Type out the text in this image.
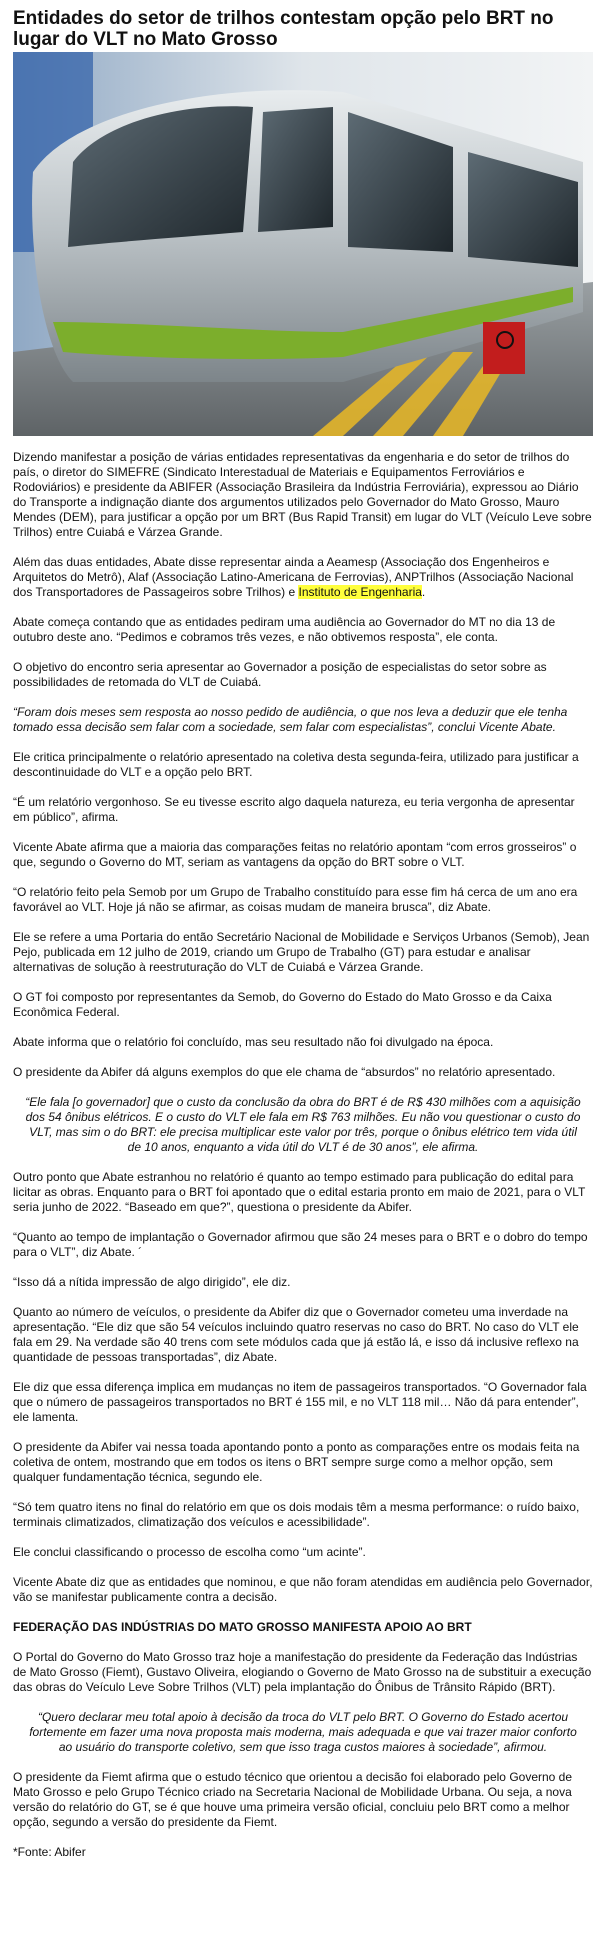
Entidades do setor de trilhos contestam opção pelo BRT no lugar do VLT no Mato Grosso

Dizendo manifestar a posição de várias entidades representativas da engenharia e do setor de trilhos do país, o diretor do SIMEFRE (Sindicato Interestadual de Materiais e Equipamentos Ferroviários e Rodoviários) e presidente da ABIFER (Associação Brasileira da Indústria Ferroviária), expressou ao Diário do Transporte a indignação diante dos argumentos utilizados pelo Governador do Mato Grosso, Mauro Mendes (DEM), para justificar a opção por um BRT (Bus Rapid Transit) em lugar do VLT (Veículo Leve sobre Trilhos) entre Cuiabá e Várzea Grande.

Além das duas entidades, Abate disse representar ainda a Aeamesp (Associação dos Engenheiros e Arquitetos do Metrô), Alaf (Associação Latino-Americana de Ferrovias), ANPTrilhos (Associação Nacional dos Transportadores de Passageiros sobre Trilhos) e Instituto de Engenharia.

Abate começa contando que as entidades pediram uma audiência ao Governador do MT no dia 13 de outubro deste ano. “Pedimos e cobramos três vezes, e não obtivemos resposta”, ele conta.

O objetivo do encontro seria apresentar ao Governador a posição de especialistas do setor sobre as possibilidades de retomada do VLT de Cuiabá.

“Foram dois meses sem resposta ao nosso pedido de audiência, o que nos leva a deduzir que ele tenha tomado essa decisão sem falar com a sociedade, sem falar com especialistas”, conclui Vicente Abate.

Ele critica principalmente o relatório apresentado na coletiva desta segunda-feira, utilizado para justificar a descontinuidade do VLT e a opção pelo BRT.

“É um relatório vergonhoso. Se eu tivesse escrito algo daquela natureza, eu teria vergonha de apresentar em público”, afirma.

Vicente Abate afirma que a maioria das comparações feitas no relatório apontam “com erros grosseiros” o que, segundo o Governo do MT, seriam as vantagens da opção do BRT sobre o VLT.

“O relatório feito pela Semob por um Grupo de Trabalho constituído para esse fim há cerca de um ano era favorável ao VLT. Hoje já não se afirmar, as coisas mudam de maneira brusca”, diz Abate.

Ele se refere a uma Portaria do então Secretário Nacional de Mobilidade e Serviços Urbanos (Semob), Jean Pejo, publicada em 12 julho de 2019, criando um Grupo de Trabalho (GT) para estudar e analisar alternativas de solução à reestruturação do VLT de Cuiabá e Várzea Grande.

O GT foi composto por representantes da Semob, do Governo do Estado do Mato Grosso e da Caixa Econômica Federal.

Abate informa que o relatório foi concluído, mas seu resultado não foi divulgado na época.

O presidente da Abifer dá alguns exemplos do que ele chama de “absurdos” no relatório apresentado.

“Ele fala [o governador] que o custo da conclusão da obra do BRT é de R$ 430 milhões com a aquisição dos 54 ônibus elétricos. E o custo do VLT ele fala em R$ 763 milhões. Eu não vou questionar o custo do VLT, mas sim o do BRT: ele precisa multiplicar este valor por três, porque o ônibus elétrico tem vida útil de 10 anos, enquanto a vida útil do VLT é de 30 anos”, ele afirma.

Outro ponto que Abate estranhou no relatório é quanto ao tempo estimado para publicação do edital para licitar as obras. Enquanto para o BRT foi apontado que o edital estaria pronto em maio de 2021, para o VLT seria junho de 2022. “Baseado em que?”, questiona o presidente da Abifer.

“Quanto ao tempo de implantação o Governador afirmou que são 24 meses para o BRT e o dobro do tempo para o VLT”, diz Abate. ´

“Isso dá a nítida impressão de algo dirigido”, ele diz.

Quanto ao número de veículos, o presidente da Abifer diz que o Governador cometeu uma inverdade na apresentação. “Ele diz que são 54 veículos incluindo quatro reservas no caso do BRT. No caso do VLT ele fala em 29. Na verdade são 40 trens com sete módulos cada que já estão lá, e isso dá inclusive reflexo na quantidade de pessoas transportadas”, diz Abate.

Ele diz que essa diferença implica em mudanças no item de passageiros transportados. “O Governador fala que o número de passageiros transportados no BRT é 155 mil, e no VLT 118 mil… Não dá para entender”, ele lamenta.

O presidente da Abifer vai nessa toada apontando ponto a ponto as comparações entre os modais feita na coletiva de ontem, mostrando que em todos os itens o BRT sempre surge como a melhor opção, sem qualquer fundamentação técnica, segundo ele.

“Só tem quatro itens no final do relatório em que os dois modais têm a mesma performance: o ruído baixo, terminais climatizados, climatização dos veículos e acessibilidade”.

Ele conclui classificando o processo de escolha como “um acinte”.

Vicente Abate diz que as entidades que nominou, e que não foram atendidas em audiência pelo Governador, vão se manifestar publicamente contra a decisão.

FEDERAÇÃO DAS INDÚSTRIAS DO MATO GROSSO MANIFESTA APOIO AO BRT

O Portal do Governo do Mato Grosso traz hoje a manifestação do presidente da Federação das Indústrias de Mato Grosso (Fiemt), Gustavo Oliveira, elogiando o Governo de Mato Grosso na de substituir a execução das obras do Veículo Leve Sobre Trilhos (VLT) pela implantação do Ônibus de Trânsito Rápido (BRT).

“Quero declarar meu total apoio à decisão da troca do VLT pelo BRT. O Governo do Estado acertou fortemente em fazer uma nova proposta mais moderna, mais adequada e que vai trazer maior conforto ao usuário do transporte coletivo, sem que isso traga custos maiores à sociedade”, afirmou.

O presidente da Fiemt afirma que o estudo técnico que orientou a decisão foi elaborado pelo Governo de Mato Grosso e pelo Grupo Técnico criado na Secretaria Nacional de Mobilidade Urbana. Ou seja, a nova versão do relatório do GT, se é que houve uma primeira versão oficial, concluiu pelo BRT como a melhor opção, segundo a versão do presidente da Fiemt.

*Fonte: Abifer
